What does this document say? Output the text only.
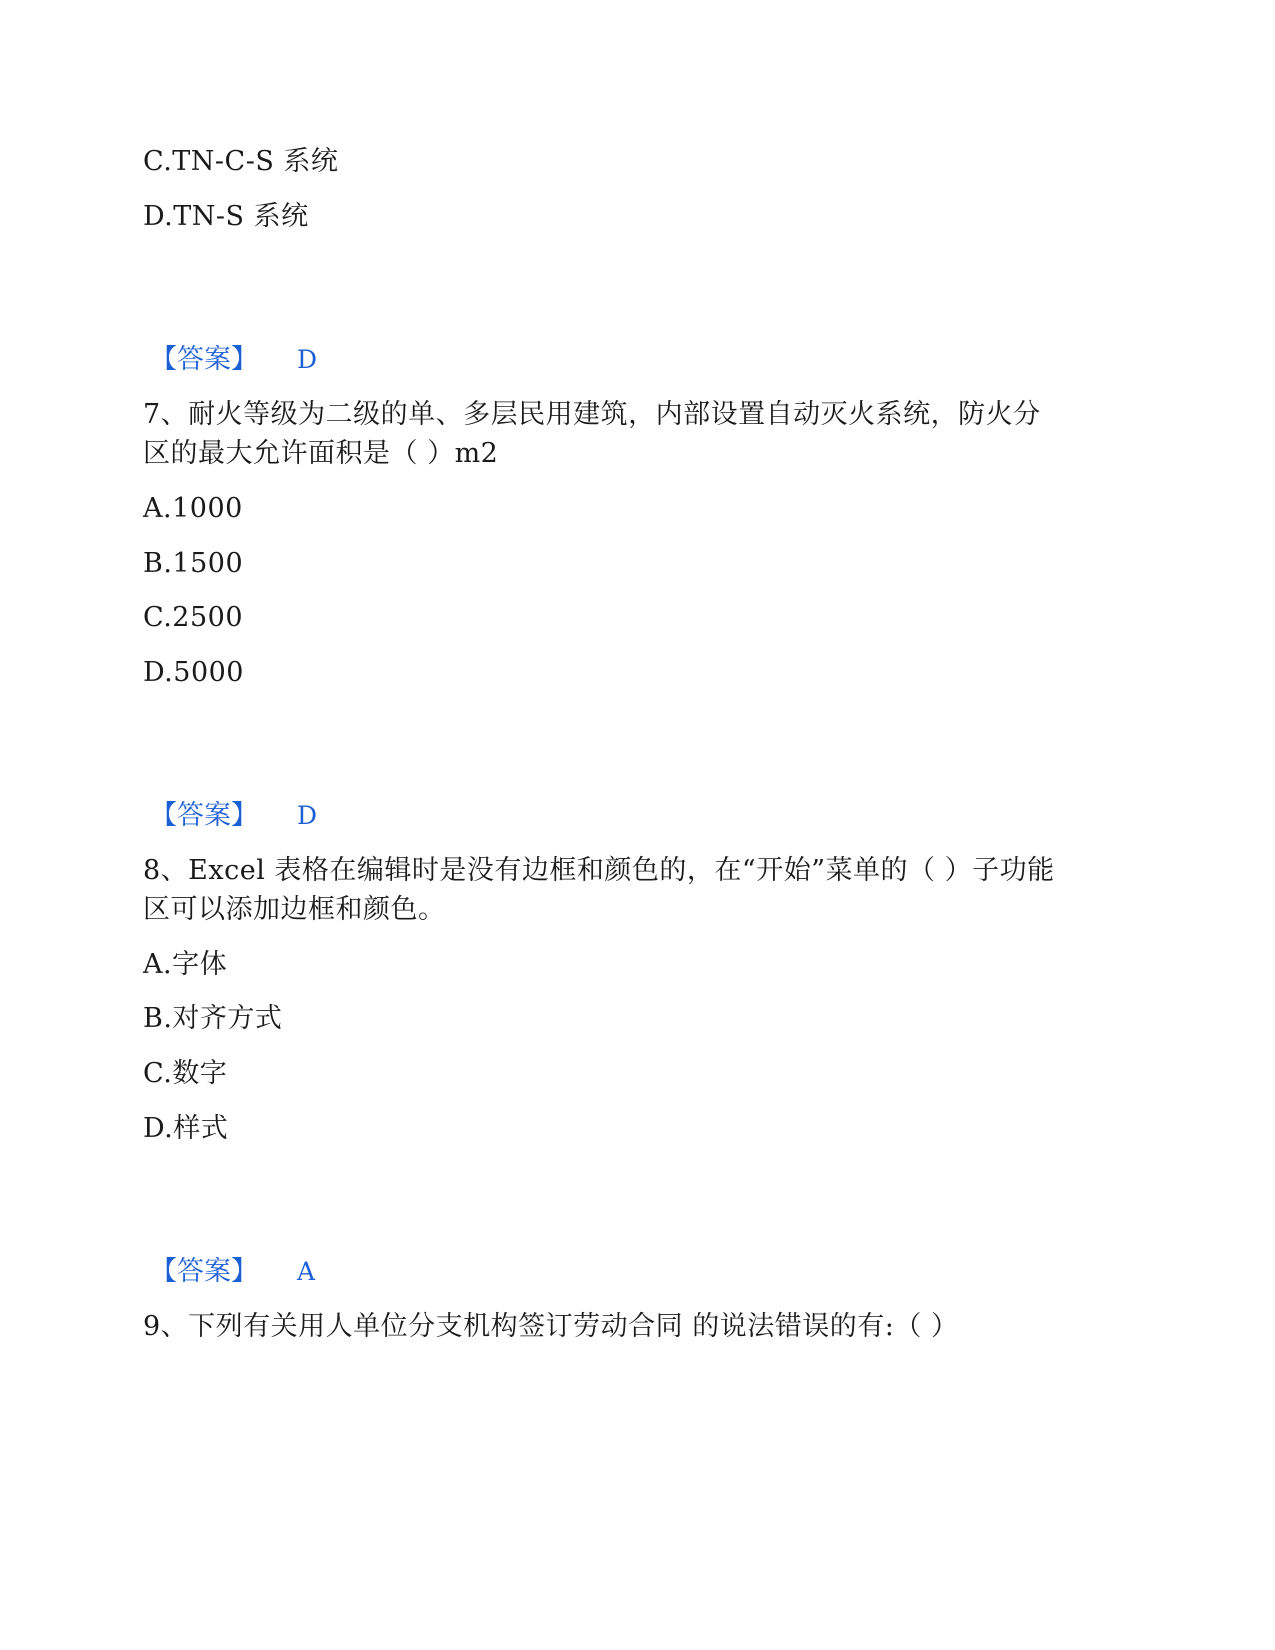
C.TN-C-S 系统
D.TN-S 系统
【答案】 D
7、耐火等级为二级的单、多层民用建筑，内部设置自动灭火系统，防火分
区的最大允许面积是（ ）m2
A.1000
B.1500
C.2500
D.5000
【答案】 D
8、Excel 表格在编辑时是没有边框和颜色的，在“开始”菜单的（ ）子功能
区可以添加边框和颜色。
A.字体
B.对齐方式
C.数字
D.样式
【答案】 A
9、下列有关用人单位分支机构签订劳动合同 的说法错误的有:（ ）
